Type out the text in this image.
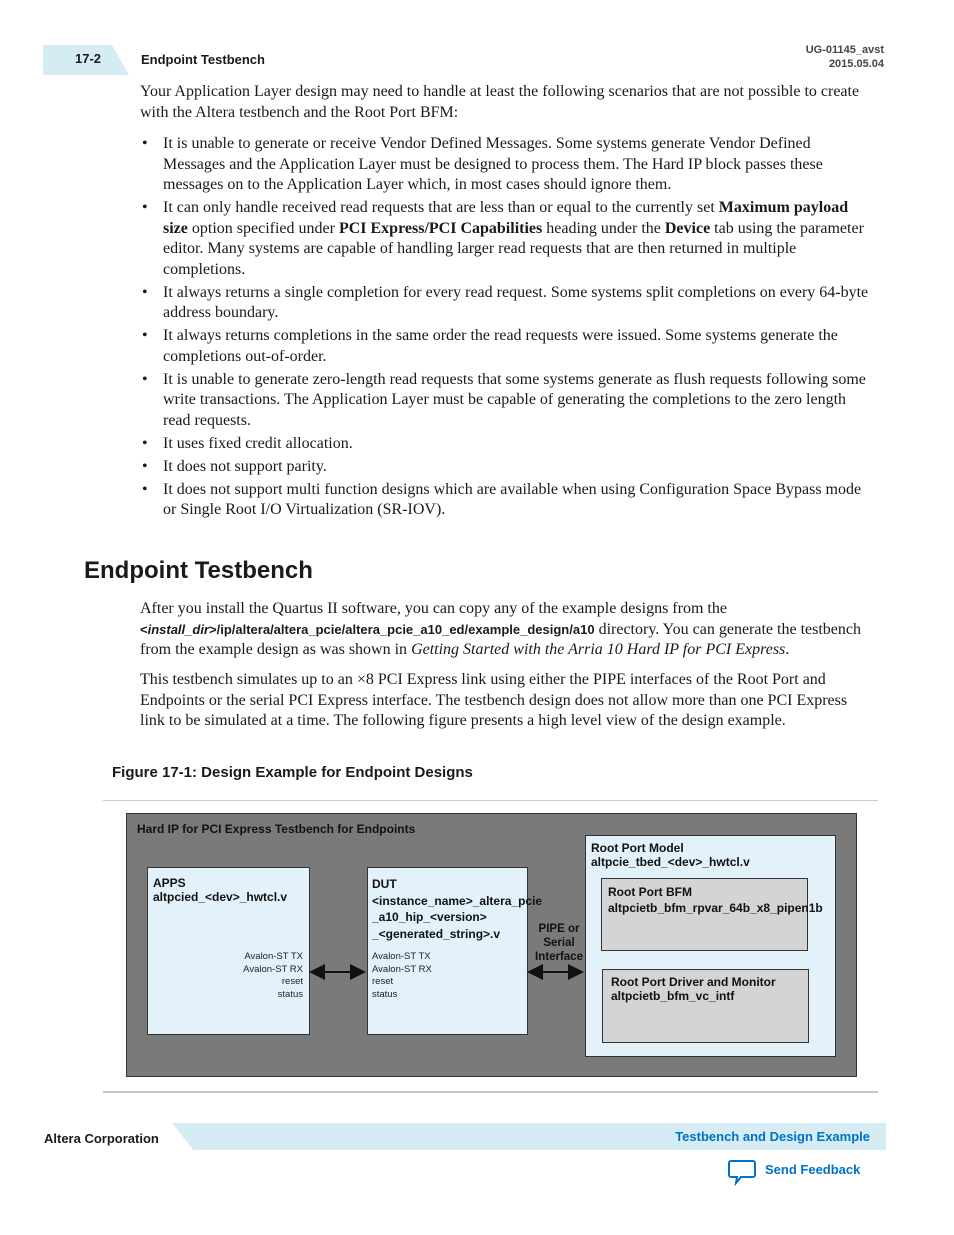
17-2	Endpoint Testbench
UG-01145_avst
2015.05.04
Your Application Layer design may need to handle at least the following scenarios that are not possible to create with the Altera testbench and the Root Port BFM:
• It is unable to generate or receive Vendor Defined Messages. Some systems generate Vendor Defined Messages and the Application Layer must be designed to process them. The Hard IP block passes these messages on to the Application Layer which, in most cases should ignore them.
• It can only handle received read requests that are less than or equal to the currently set Maximum payload size option specified under PCI Express/PCI Capabilities heading under the Device tab using the parameter editor. Many systems are capable of handling larger read requests that are then returned in multiple completions.
• It always returns a single completion for every read request. Some systems split completions on every 64-byte address boundary.
• It always returns completions in the same order the read requests were issued. Some systems generate the completions out-of-order.
• It is unable to generate zero-length read requests that some systems generate as flush requests following some write transactions. The Application Layer must be capable of generating the completions to the zero length read requests.
• It uses fixed credit allocation.
• It does not support parity.
• It does not support multi function designs which are available when using Configuration Space Bypass mode or Single Root I/O Virtualization (SR-IOV).
Endpoint Testbench
After you install the Quartus II software, you can copy any of the example designs from the <install_dir>/ip/altera/altera_pcie/altera_pcie_a10_ed/example_design/a10 directory. You can generate the testbench from the example design as was shown in Getting Started with the Arria 10 Hard IP for PCI Express.
This testbench simulates up to an ×8 PCI Express link using either the PIPE interfaces of the Root Port and Endpoints or the serial PCI Express interface. The testbench design does not allow more than one PCI Express link to be simulated at a time. The following figure presents a high level view of the design example.
Figure 17-1: Design Example for Endpoint Designs
Hard IP for PCI Express Testbench for Endpoints
APPS
altpcied_<dev>_hwtcl.v
Avalon-ST TX
Avalon-ST RX
reset
status
DUT
<instance_name>_altera_pcie
_a10_hip_<version>
_<generated_string>.v
Avalon-ST TX
Avalon-ST RX
reset
status
PIPE or
Serial
Interface
Root Port Model
altpcie_tbed_<dev>_hwtcl.v
Root Port BFM
altpcietb_bfm_rpvar_64b_x8_pipen1b
Root Port Driver and Monitor
altpcietb_bfm_vc_intf
Altera Corporation	Testbench and Design Example
Send Feedback
